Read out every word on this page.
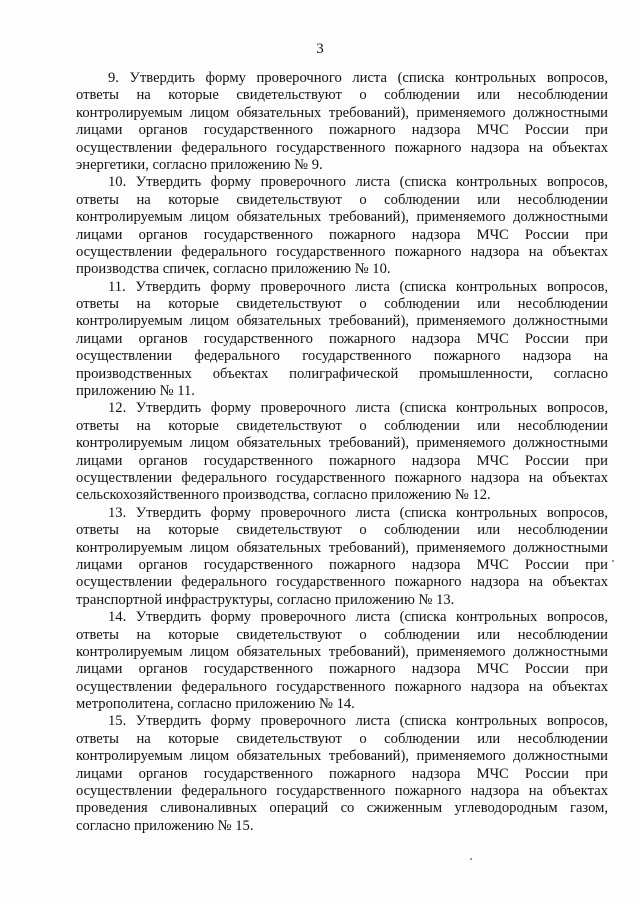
3
9. Утвердить форму проверочного листа (списка контрольных вопросов,
ответы на которые свидетельствуют о соблюдении или несоблюдении
контролируемым лицом обязательных требований), применяемого должностными
лицами органов государственного пожарного надзора МЧС России при
осуществлении федерального государственного пожарного надзора на объектах
энергетики, согласно приложению № 9.
10. Утвердить форму проверочного листа (списка контрольных вопросов,
ответы на которые свидетельствуют о соблюдении или несоблюдении
контролируемым лицом обязательных требований), применяемого должностными
лицами органов государственного пожарного надзора МЧС России при
осуществлении федерального государственного пожарного надзора на объектах
производства спичек, согласно приложению № 10.
11. Утвердить форму проверочного листа (списка контрольных вопросов,
ответы на которые свидетельствуют о соблюдении или несоблюдении
контролируемым лицом обязательных требований), применяемого должностными
лицами органов государственного пожарного надзора МЧС России при
осуществлении федерального государственного пожарного надзора на
производственных объектах полиграфической промышленности, согласно
приложению № 11.
12. Утвердить форму проверочного листа (списка контрольных вопросов,
ответы на которые свидетельствуют о соблюдении или несоблюдении
контролируемым лицом обязательных требований), применяемого должностными
лицами органов государственного пожарного надзора МЧС России при
осуществлении федерального государственного пожарного надзора на объектах
сельскохозяйственного производства, согласно приложению № 12.
13. Утвердить форму проверочного листа (списка контрольных вопросов,
ответы на которые свидетельствуют о соблюдении или несоблюдении
контролируемым лицом обязательных требований), применяемого должностными
лицами органов государственного пожарного надзора МЧС России при
осуществлении федерального государственного пожарного надзора на объектах
транспортной инфраструктуры, согласно приложению № 13.
14. Утвердить форму проверочного листа (списка контрольных вопросов,
ответы на которые свидетельствуют о соблюдении или несоблюдении
контролируемым лицом обязательных требований), применяемого должностными
лицами органов государственного пожарного надзора МЧС России при
осуществлении федерального государственного пожарного надзора на объектах
метрополитена, согласно приложению № 14.
15. Утвердить форму проверочного листа (списка контрольных вопросов,
ответы на которые свидетельствуют о соблюдении или несоблюдении
контролируемым лицом обязательных требований), применяемого должностными
лицами органов государственного пожарного надзора МЧС России при
осуществлении федерального государственного пожарного надзора на объектах
проведения сливоналивных операций со сжиженным углеводородным газом,
согласно приложению № 15.
